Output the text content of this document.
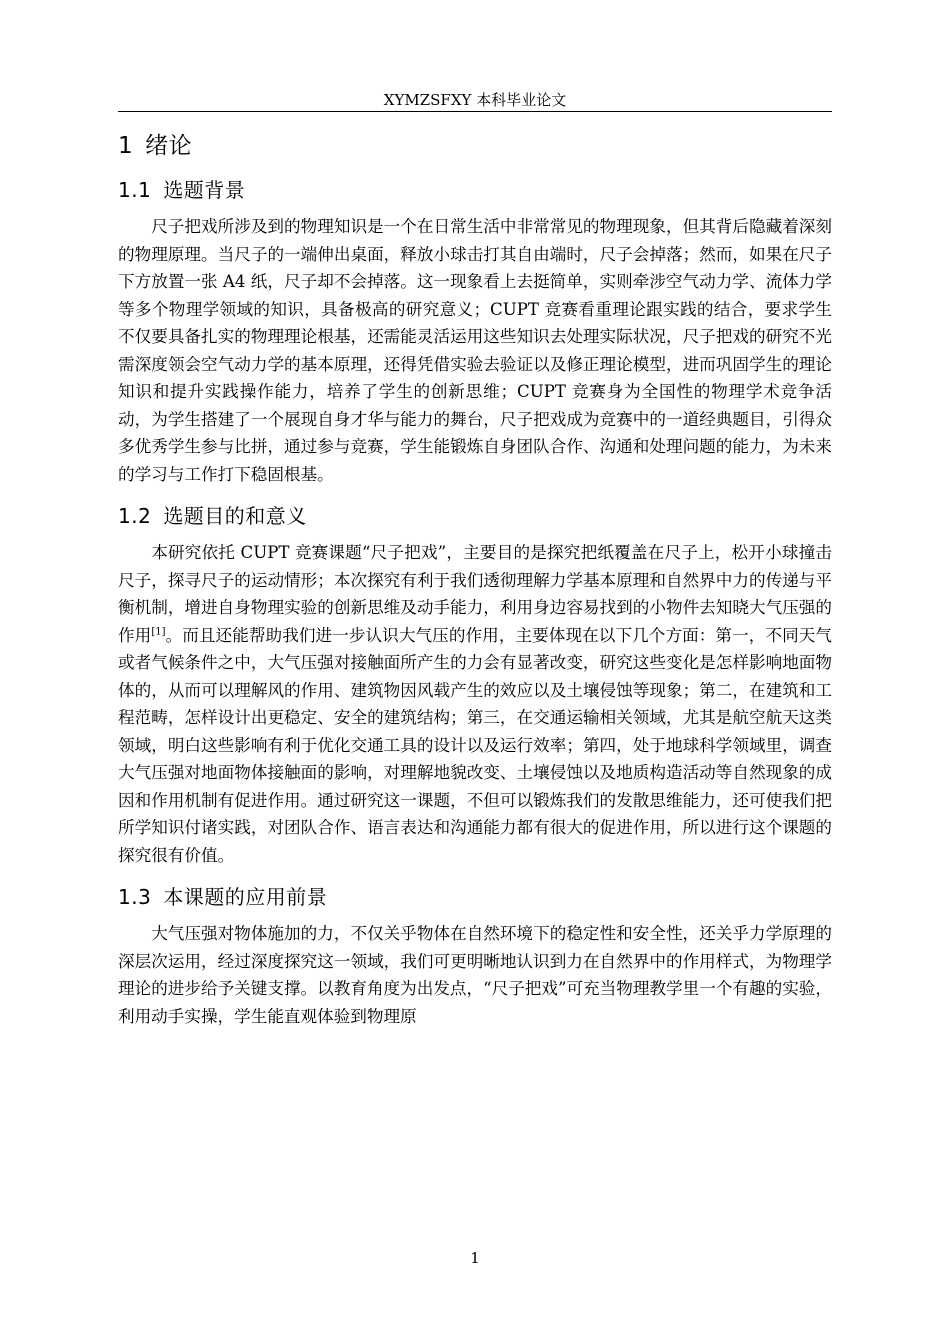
XYMZSFXY 本科毕业论文
1 绪论
1.1 选题背景

尺子把戏所涉及到的物理知识是一个在日常生活中非常常见的物理现象，但其背后隐藏着深刻的物理原理。当尺子的一端伸出桌面，释放小球击打其自由端时，尺子会掉落；然而，如果在尺子下方放置一张 A4 纸，尺子却不会掉落。这一现象看上去挺简单，实则牵涉空气动力学、流体力学等多个物理学领域的知识，具备极高的研究意义；CUPT 竞赛看重理论跟实践的结合，要求学生不仅要具备扎实的物理理论根基，还需能灵活运用这些知识去处理实际状况，尺子把戏的研究不光需深度领会空气动力学的基本原理，还得凭借实验去验证以及修正理论模型，进而巩固学生的理论知识和提升实践操作能力，培养了学生的创新思维；CUPT 竞赛身为全国性的物理学术竞争活动，为学生搭建了一个展现自身才华与能力的舞台，尺子把戏成为竞赛中的一道经典题目，引得众多优秀学生参与比拼，通过参与竞赛，学生能锻炼自身团队合作、沟通和处理问题的能力，为未来的学习与工作打下稳固根基。

1.2 选题目的和意义

本研究依托 CUPT 竞赛课题“尺子把戏”，主要目的是探究把纸覆盖在尺子上，松开小球撞击尺子，探寻尺子的运动情形；本次探究有利于我们透彻理解力学基本原理和自然界中力的传递与平衡机制，增进自身物理实验的创新思维及动手能力，利用身边容易找到的小物件去知晓大气压强的作用[1]。而且还能帮助我们进一步认识大气压的作用，主要体现在以下几个方面：第一，不同天气或者气候条件之中，大气压强对接触面所产生的力会有显著改变，研究这些变化是怎样影响地面物体的，从而可以理解风的作用、建筑物因风载产生的效应以及土壤侵蚀等现象；第二，在建筑和工程范畴，怎样设计出更稳定、安全的建筑结构；第三，在交通运输相关领域，尤其是航空航天这类领域，明白这些影响有利于优化交通工具的设计以及运行效率；第四，处于地球科学领域里，调查大气压强对地面物体接触面的影响，对理解地貌改变、土壤侵蚀以及地质构造活动等自然现象的成因和作用机制有促进作用。通过研究这一课题，不但可以锻炼我们的发散思维能力，还可使我们把所学知识付诸实践，对团队合作、语言表达和沟通能力都有很大的促进作用，所以进行这个课题的探究很有价值。

1.3 本课题的应用前景

大气压强对物体施加的力，不仅关乎物体在自然环境下的稳定性和安全性，还关乎力学原理的深层次运用，经过深度探究这一领域，我们可更明晰地认识到力在自然界中的作用样式，为物理学理论的进步给予关键支撑。以教育角度为出发点，“尺子把戏”可充当物理教学里一个有趣的实验，利用动手实操，学生能直观体验到物理原

1
